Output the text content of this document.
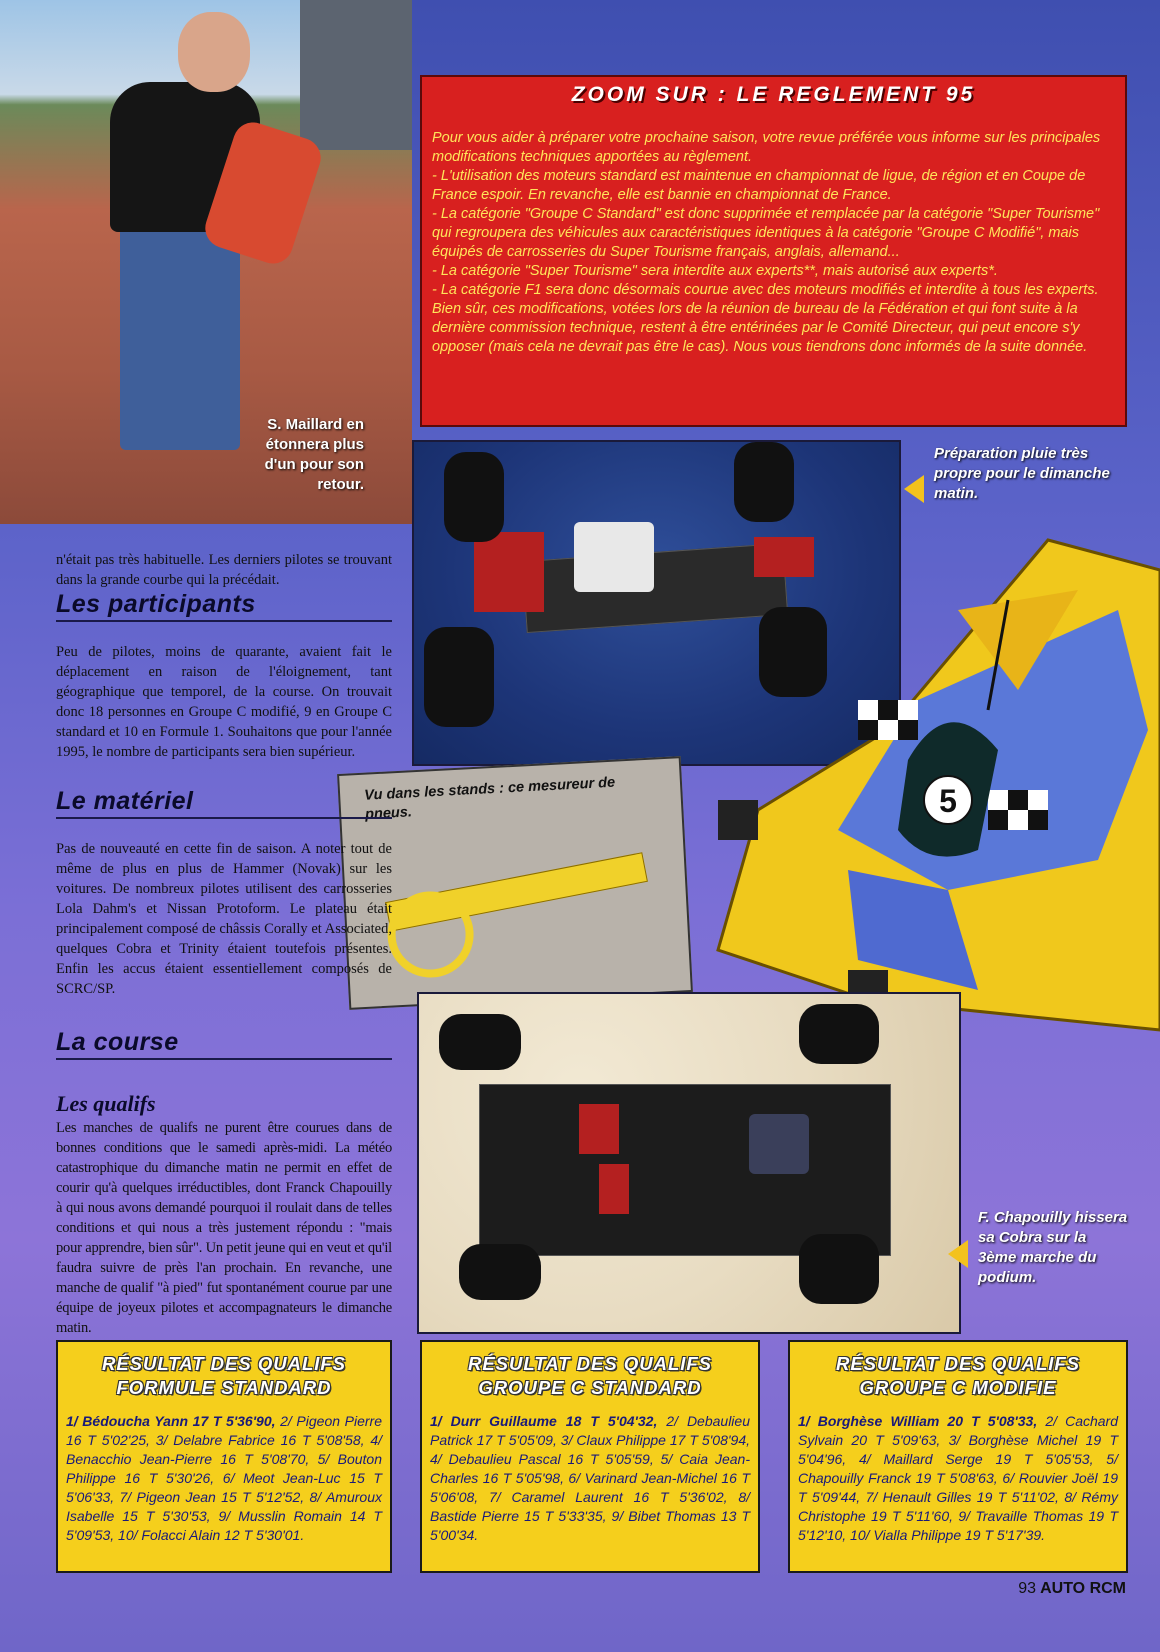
S. Maillard en étonnera plus d'un pour son retour.
ZOOM SUR : LE REGLEMENT 95

Pour vous aider à préparer votre prochaine saison, votre revue préférée vous informe sur les principales modifications techniques apportées au règlement.

- L'utilisation des moteurs standard est maintenue en championnat de ligue, de région et en Coupe de France espoir. En revanche, elle est bannie en championnat de France.

- La catégorie "Groupe C Standard" est donc supprimée et remplacée par la catégorie "Super Tourisme" qui regroupera des véhicules aux caractéristiques identiques à la catégorie "Groupe C Modifié", mais équipés de carrosseries du Super Tourisme français, anglais, allemand...

- La catégorie "Super Tourisme" sera interdite aux experts**, mais autorisé aux experts*.

- La catégorie F1 sera donc désormais courue avec des moteurs modifiés et interdite à tous les experts.

Bien sûr, ces modifications, votées lors de la réunion de bureau de la Fédération et qui font suite à la dernière commission technique, restent à être entérinées par le Comité Directeur, qui peut encore s'y opposer (mais cela ne devrait pas être le cas). Nous vous tiendrons donc informés de la suite donnée.

Préparation pluie très propre pour le dimanche matin.
5
Vu dans les stands : ce mesureur de pneus.
F. Chapouilly hissera sa Cobra sur la 3ème marche du podium.
n'était pas très habituelle. Les derniers pilotes se trouvant dans la grande courbe qui la précédait.
Les participants
Peu de pilotes, moins de quarante, avaient fait le déplacement en raison de l'éloignement, tant géographique que temporel, de la course. On trouvait donc 18 personnes en Groupe C modifié, 9 en Groupe C standard et 10 en Formule 1. Souhaitons que pour l'année 1995, le nombre de participants sera bien supérieur.
Le matériel
Pas de nouveauté en cette fin de saison. A noter tout de même de plus en plus de Hammer (Novak) sur les voitures. De nombreux pilotes utilisent des carrosseries Lola Dahm's et Nissan Protoform. Le plateau était principalement composé de châssis Corally et Associated, quelques Cobra et Trinity étaient toutefois présentes. Enfin les accus étaient essentiellement composés de SCRC/SP.
La course
Les qualifs
Les manches de qualifs ne purent être courues dans de bonnes conditions que le samedi après-midi. La météo catastrophique du dimanche matin ne permit en effet de courir qu'à quelques irréductibles, dont Franck Chapouilly à qui nous avons demandé pourquoi il roulait dans de telles conditions et qui nous a très justement répondu : "mais pour apprendre, bien sûr". Un petit jeune qui en veut et qu'il faudra suivre de près l'an prochain. En revanche, une manche de qualif "à pied" fut spontanément courue par une équipe de joyeux pilotes et accompagnateurs le dimanche matin.
RÉSULTAT DES QUALIFS
FORMULE STANDARD
1/ Bédoucha Yann 17 T 5'36'90, 2/ Pigeon Pierre 16 T 5'02'25, 3/ Delabre Fabrice 16 T 5'08'58, 4/ Benacchio Jean-Pierre 16 T 5'08'70, 5/ Bouton Philippe 16 T 5'30'26, 6/ Meot Jean-Luc 15 T 5'06'33, 7/ Pigeon Jean 15 T 5'12'52, 8/ Amuroux Isabelle 15 T 5'30'53, 9/ Musslin Romain 14 T 5'09'53, 10/ Folacci Alain 12 T 5'30'01.
RÉSULTAT DES QUALIFS
GROUPE C STANDARD
1/ Durr Guillaume 18 T 5'04'32, 2/ Debaulieu Patrick 17 T 5'05'09, 3/ Claux Philippe 17 T 5'08'94, 4/ Debaulieu Pascal 16 T 5'05'59, 5/ Caia Jean-Charles 16 T 5'05'98, 6/ Varinard Jean-Michel 16 T 5'06'08, 7/ Caramel Laurent 16 T 5'36'02, 8/ Bastide Pierre 15 T 5'33'35, 9/ Bibet Thomas 13 T 5'00'34.
RÉSULTAT DES QUALIFS
GROUPE C MODIFIE
1/ Borghèse William 20 T 5'08'33, 2/ Cachard Sylvain 20 T 5'09'63, 3/ Borghèse Michel 19 T 5'04'96, 4/ Maillard Serge 19 T 5'05'53, 5/ Chapouilly Franck 19 T 5'08'63, 6/ Rouvier Joël 19 T 5'09'44, 7/ Henault Gilles 19 T 5'11'02, 8/ Rémy Christophe 19 T 5'11'60, 9/ Travaille Thomas 19 T 5'12'10, 10/ Vialla Philippe 19 T 5'17'39.
93 AUTO RCM
